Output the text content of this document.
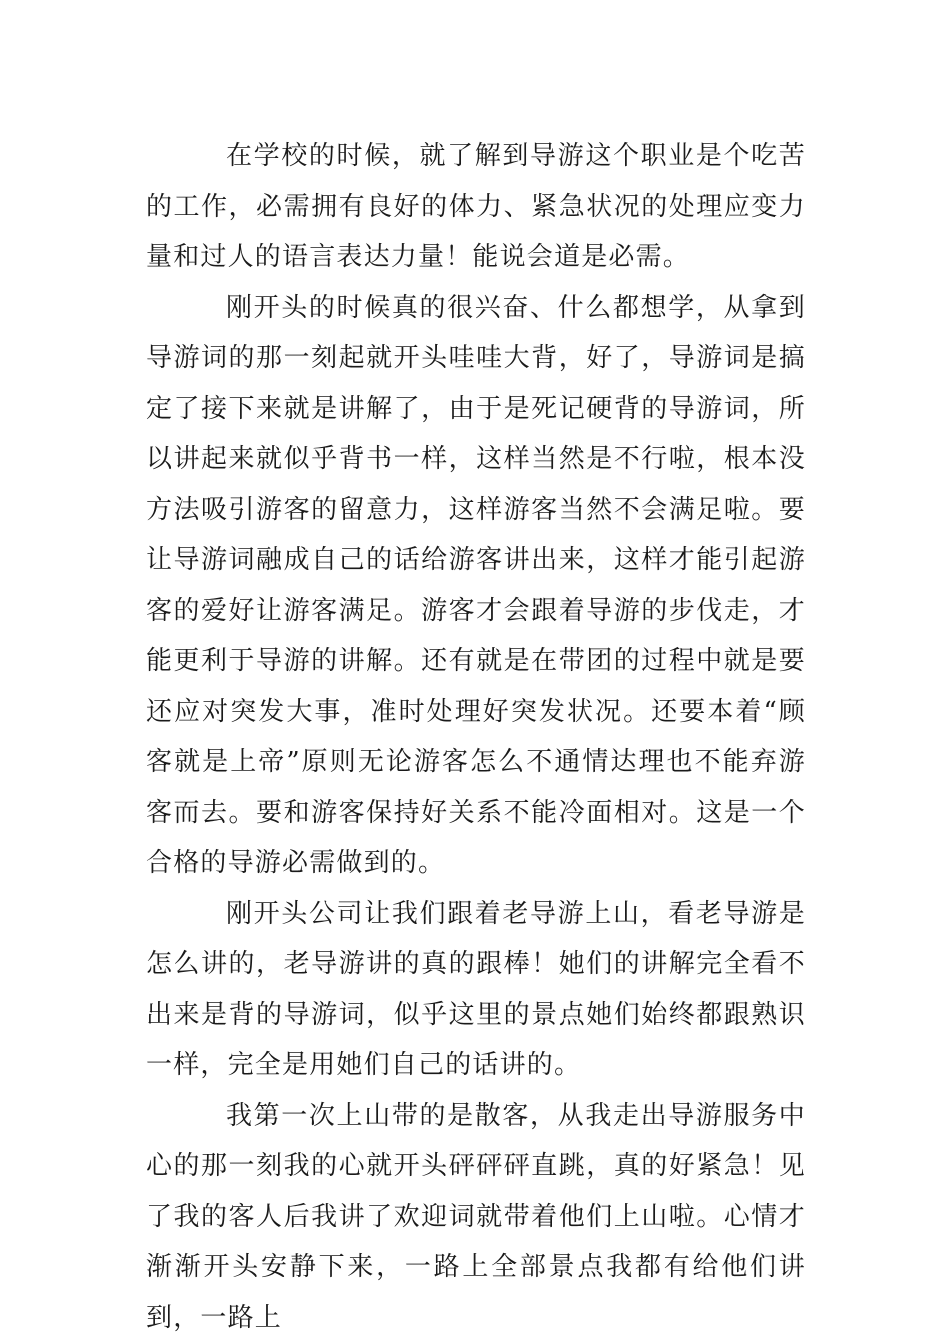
在学校的时候，就了解到导游这个职业是个吃苦的工作，必需拥有良好的体力、紧急状况的处理应变力量和过人的语言表达力量！能说会道是必需。

刚开头的时候真的很兴奋、什么都想学，从拿到导游词的那一刻起就开头哇哇大背，好了，导游词是搞定了接下来就是讲解了，由于是死记硬背的导游词，所以讲起来就似乎背书一样，这样当然是不行啦，根本没方法吸引游客的留意力，这样游客当然不会满足啦。要让导游词融成自己的话给游客讲出来，这样才能引起游客的爱好让游客满足。游客才会跟着导游的步伐走，才能更利于导游的讲解。还有就是在带团的过程中就是要还应对突发大事，准时处理好突发状况。还要本着“顾客就是上帝”原则无论游客怎么不通情达理也不能弃游客而去。要和游客保持好关系不能冷面相对。这是一个合格的导游必需做到的。

刚开头公司让我们跟着老导游上山，看老导游是怎么讲的，老导游讲的真的跟棒！她们的讲解完全看不出来是背的导游词，似乎这里的景点她们始终都跟熟识一样，完全是用她们自己的话讲的。

我第一次上山带的是散客，从我走出导游服务中心的那一刻我的心就开头砰砰砰直跳，真的好紧急！见了我的客人后我讲了欢迎词就带着他们上山啦。心情才渐渐开头安静下来，一路上全部景点我都有给他们讲到，一路上
